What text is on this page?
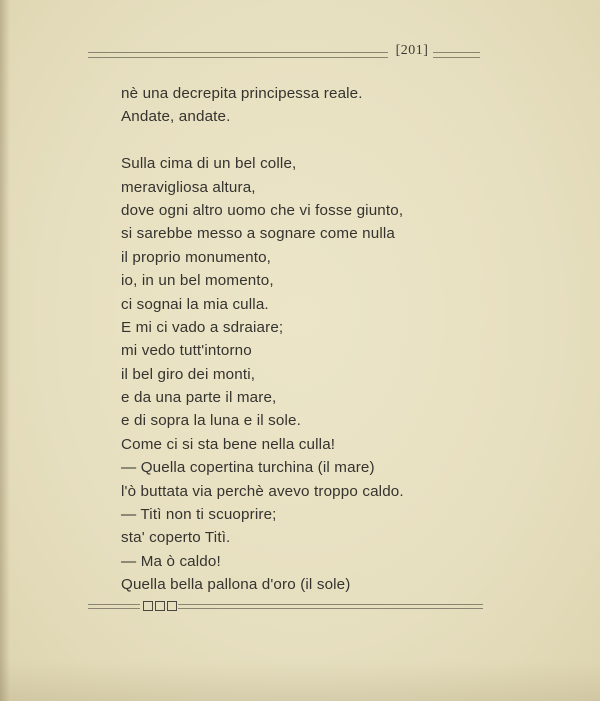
[201]
nè una decrepita principessa reale.
Andate, andate.
Sulla cima di un bel colle,
meravigliosa altura,
dove ogni altro uomo che vi fosse giunto,
si sarebbe messo a sognare come nulla
il proprio monumento,
io, in un bel momento,
ci sognai la mia culla.
E mi ci vado a sdraiare;
mi vedo tutt'intorno
il bel giro dei monti,
e da una parte il mare,
e di sopra la luna e il sole.
Come ci si sta bene nella culla!
— Quella copertina turchina (il mare)
l'ò buttata via perchè avevo troppo caldo.
— Titì non ti scuoprire;
sta' coperto Titì.
— Ma ò caldo!
Quella bella pallona d'oro (il sole)
